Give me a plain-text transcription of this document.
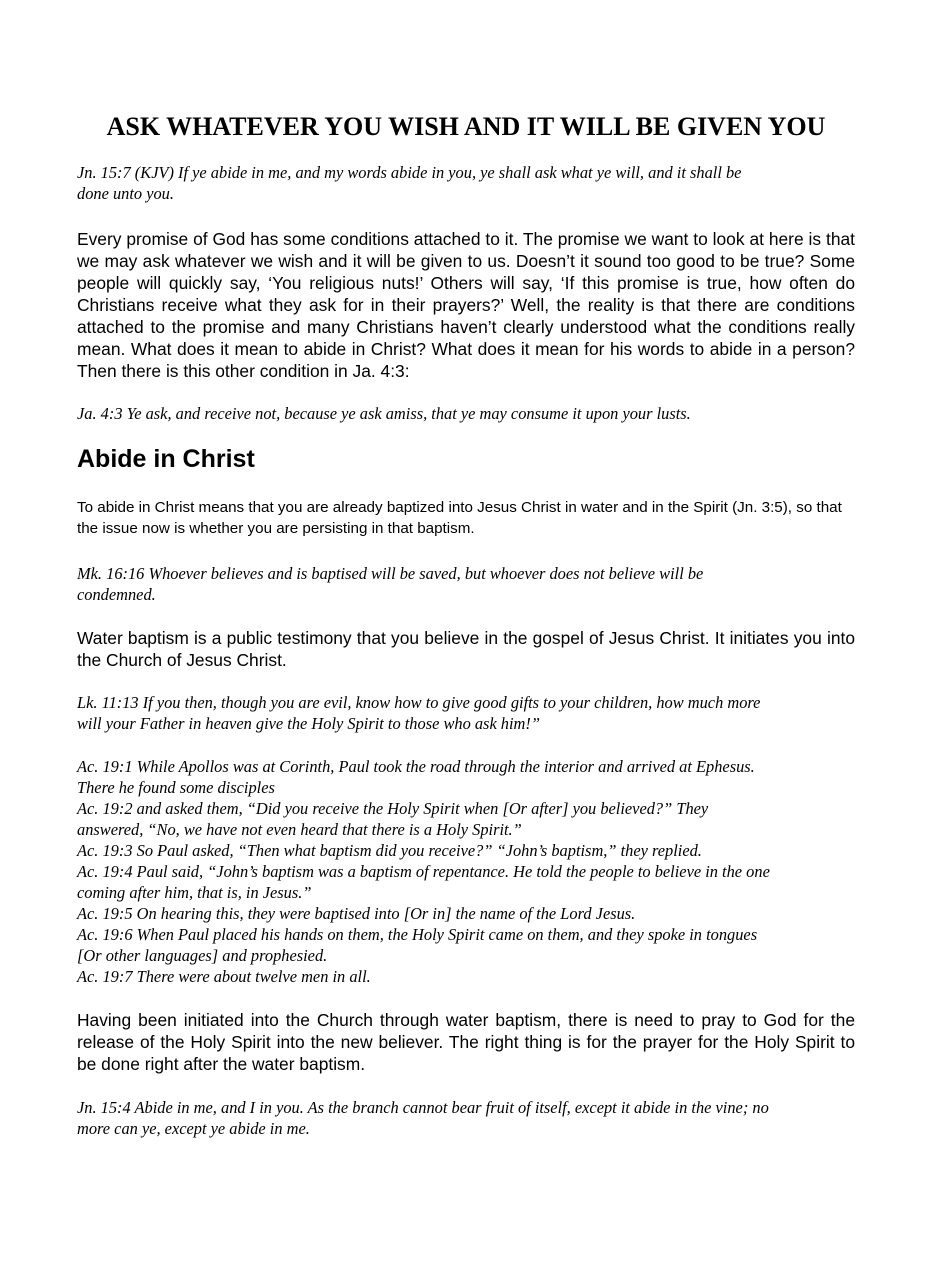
ASK WHATEVER YOU WISH AND IT WILL BE GIVEN YOU
Jn. 15:7 (KJV) If ye abide in me, and my words abide in you, ye shall ask what ye will, and it shall be
done unto you.

Every promise of God has some conditions attached to it. The promise we want to look at here is that we may ask whatever we wish and it will be given to us. Doesn’t it sound too good to be true? Some people will quickly say, ‘You religious nuts!’ Others will say, ‘If this promise is true, how often do Christians receive what they ask for in their prayers?’ Well, the reality is that there are conditions attached to the promise and many Christians haven’t clearly understood what the conditions really mean. What does it mean to abide in Christ? What does it mean for his words to abide in a person? Then there is this other condition in Ja. 4:3:

Ja. 4:3 Ye ask, and receive not, because ye ask amiss, that ye may consume it upon your lusts.
Abide in Christ

To abide in Christ means that you are already baptized into Jesus Christ in water and in the Spirit (Jn. 3:5), so that the issue now is whether you are persisting in that baptism.

Mk. 16:16 Whoever believes and is baptised will be saved, but whoever does not believe will be
condemned.

Water baptism is a public testimony that you believe in the gospel of Jesus Christ. It initiates you into the Church of Jesus Christ.

Lk. 11:13 If you then, though you are evil, know how to give good gifts to your children, how much more
will your Father in heaven give the Holy Spirit to those who ask him!”
Ac. 19:1 While Apollos was at Corinth, Paul took the road through the interior and arrived at Ephesus.
There he found some disciples
Ac. 19:2 and asked them, “Did you receive the Holy Spirit when [Or after] you believed?” They
answered, “No, we have not even heard that there is a Holy Spirit.”
Ac. 19:3 So Paul asked, “Then what baptism did you receive?” “John’s baptism,” they replied.
Ac. 19:4 Paul said, “John’s baptism was a baptism of repentance. He told the people to believe in the one
coming after him, that is, in Jesus.”
Ac. 19:5 On hearing this, they were baptised into [Or in] the name of the Lord Jesus.
Ac. 19:6 When Paul placed his hands on them, the Holy Spirit came on them, and they spoke in tongues
[Or other languages] and prophesied.
Ac. 19:7 There were about twelve men in all.

Having been initiated into the Church through water baptism, there is need to pray to God for the release of the Holy Spirit into the new believer. The right thing is for the prayer for the Holy Spirit to be done right after the water baptism.

Jn. 15:4 Abide in me, and I in you. As the branch cannot bear fruit of itself, except it abide in the vine; no
more can ye, except ye abide in me.
